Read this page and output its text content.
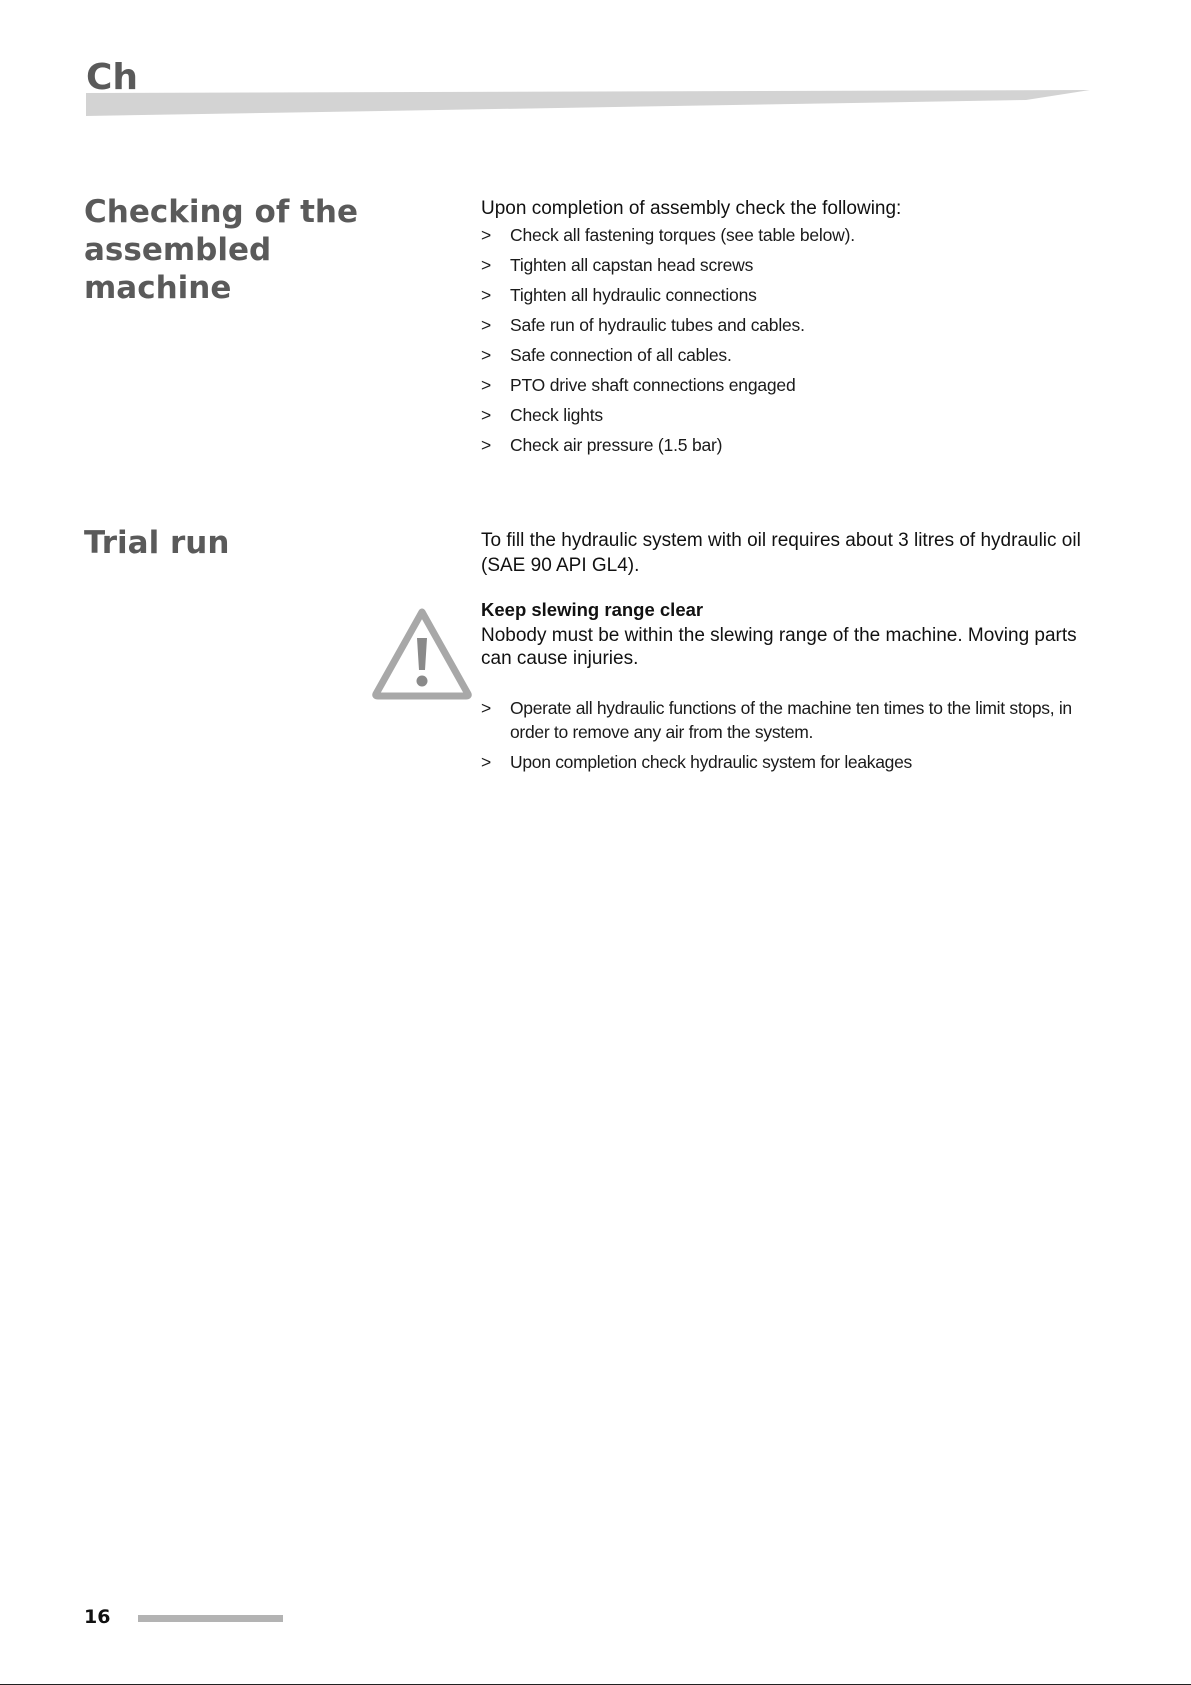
Ch
Checking of the assembled machine

Upon completion of assembly check the following:

> Check all fastening torques (see table below).
> Tighten all capstan head screws
> Tighten all hydraulic connections
> Safe run of hydraulic tubes and cables.
> Safe connection of all cables.
> PTO drive shaft connections engaged
> Check lights
> Check air pressure (1.5 bar)
Trial run	To fill the hydraulic system with oil requires about 3 litres of hydraulic oil (SAE 90 API GL4).

Keep slewing range clear

Nobody must be within the slewing range of the machine. Moving parts can cause injuries.

> Operate all hydraulic functions of the machine ten times to the limit stops, in order to remove any air from the system.
> Upon completion check hydraulic system for leakages
16
